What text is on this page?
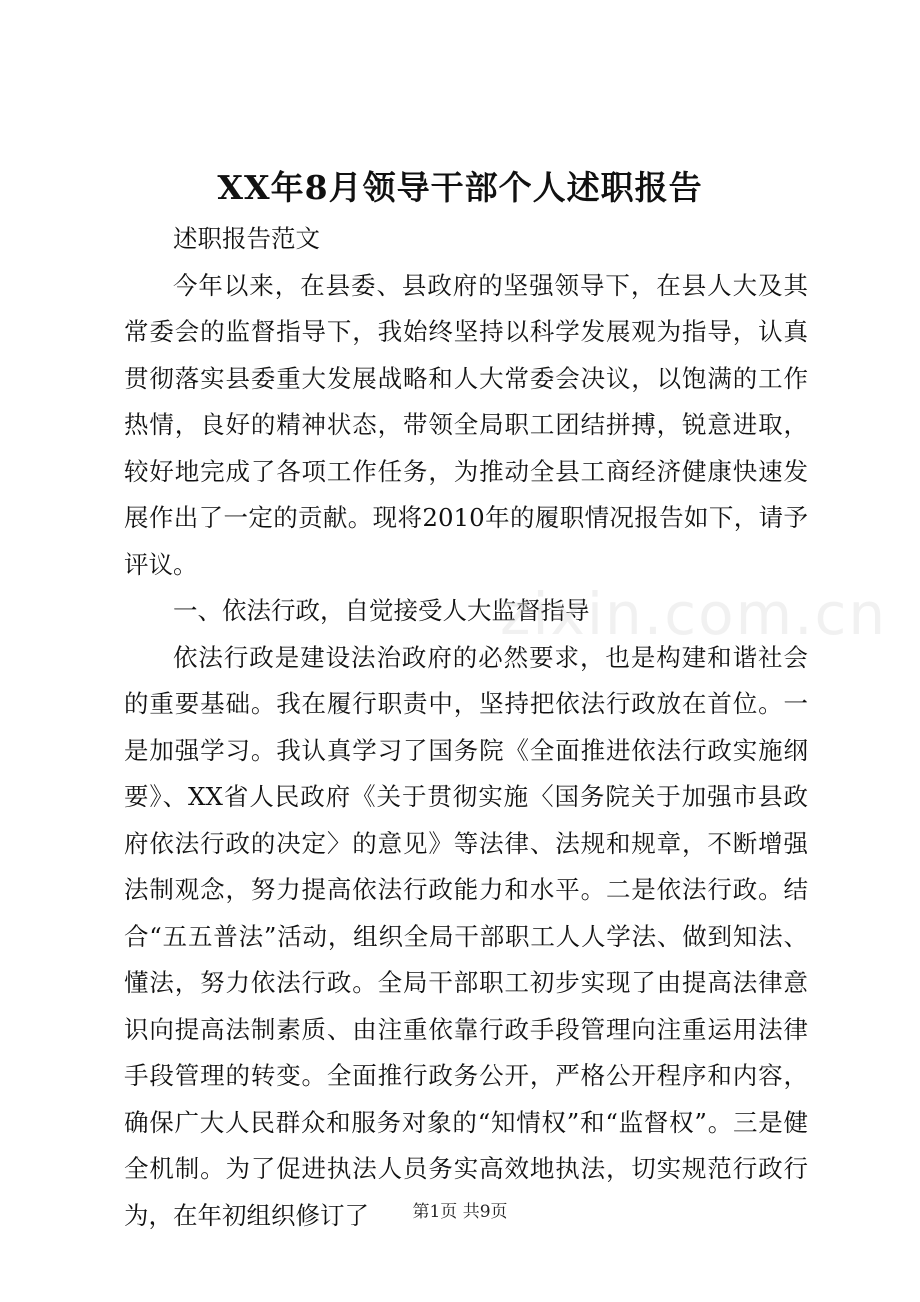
XX年8月领导干部个人述职报告

述职报告范文

今年以来，在县委、县政府的坚强领导下，在县人大及其常委会的监督指导下，我始终坚持以科学发展观为指导，认真贯彻落实县委重大发展战略和人大常委会决议，以饱满的工作热情，良好的精神状态，带领全局职工团结拼搏，锐意进取，较好地完成了各项工作任务，为推动全县工商经济健康快速发展作出了一定的贡献。现将2010年的履职情况报告如下，请予评议。

一、依法行政，自觉接受人大监督指导

依法行政是建设法治政府的必然要求，也是构建和谐社会的重要基础。我在履行职责中，坚持把依法行政放在首位。一是加强学习。我认真学习了国务院《全面推进依法行政实施纲要》、XX省人民政府《关于贯彻实施〈国务院关于加强市县政府依法行政的决定〉的意见》等法律、法规和规章，不断增强法制观念，努力提高依法行政能力和水平。二是依法行政。结合“五五普法”活动，组织全局干部职工人人学法、做到知法、懂法，努力依法行政。全局干部职工初步实现了由提高法律意识向提高法制素质、由注重依靠行政手段管理向注重运用法律手段管理的转变。全面推行政务公开，严格公开程序和内容，确保广大人民群众和服务对象的“知情权”和“监督权”。三是健全机制。为了促进执法人员务实高效地执法，切实规范行政行为，在年初组织修订了

zixin.com.cn
第1页 共9页
